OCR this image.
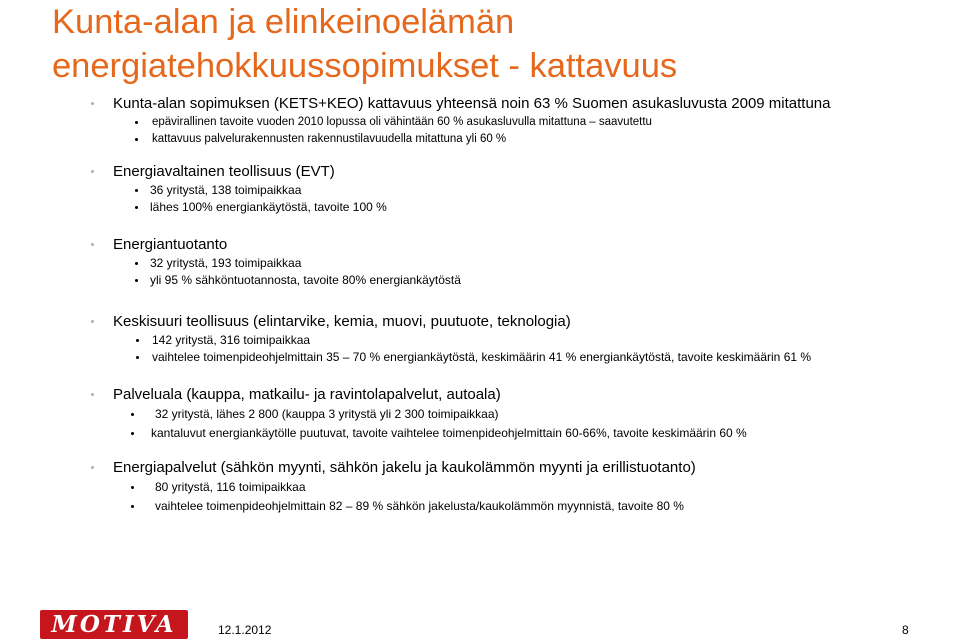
Kunta-alan ja elinkeinoelämän
energiatehokkuussopimukset - kattavuus
Kunta-alan sopimuksen (KETS+KEO) kattavuus yhteensä noin 63 % Suomen asukasluvusta 2009 mitattuna
epävirallinen tavoite vuoden 2010 lopussa oli vähintään 60 % asukasluvulla mitattuna – saavutettu
kattavuus palvelurakennusten rakennustilavuudella mitattuna yli 60 %
Energiavaltainen teollisuus (EVT)
36 yritystä, 138 toimipaikkaa
lähes 100% energiankäytöstä, tavoite 100 %
Energiantuotanto
32 yritystä, 193 toimipaikkaa
yli 95 % sähköntuotannosta, tavoite 80% energiankäytöstä
Keskisuuri teollisuus (elintarvike, kemia, muovi, puutuote, teknologia)
142 yritystä, 316 toimipaikkaa
vaihtelee toimenpideohjelmittain 35 – 70 % energiankäytöstä, keskimäärin 41 % energiankäytöstä, tavoite keskimäärin 61 %
Palveluala (kauppa, matkailu- ja ravintolapalvelut, autoala)
32 yritystä, lähes 2 800 (kauppa 3 yritystä yli 2 300 toimipaikkaa)
kantaluvut energiankäytölle puutuvat, tavoite vaihtelee toimenpideohjelmittain 60-66%, tavoite keskimäärin 60 %
Energiapalvelut (sähkön myynti, sähkön jakelu ja kaukolämmön myynti ja erillistuotanto)
80 yritystä, 116 toimipaikkaa
vaihtelee toimenpideohjelmittain 82 – 89 % sähkön jakelusta/kaukolämmön myynnistä, tavoite 80 %
MOTIVA	12.1.2012	8
